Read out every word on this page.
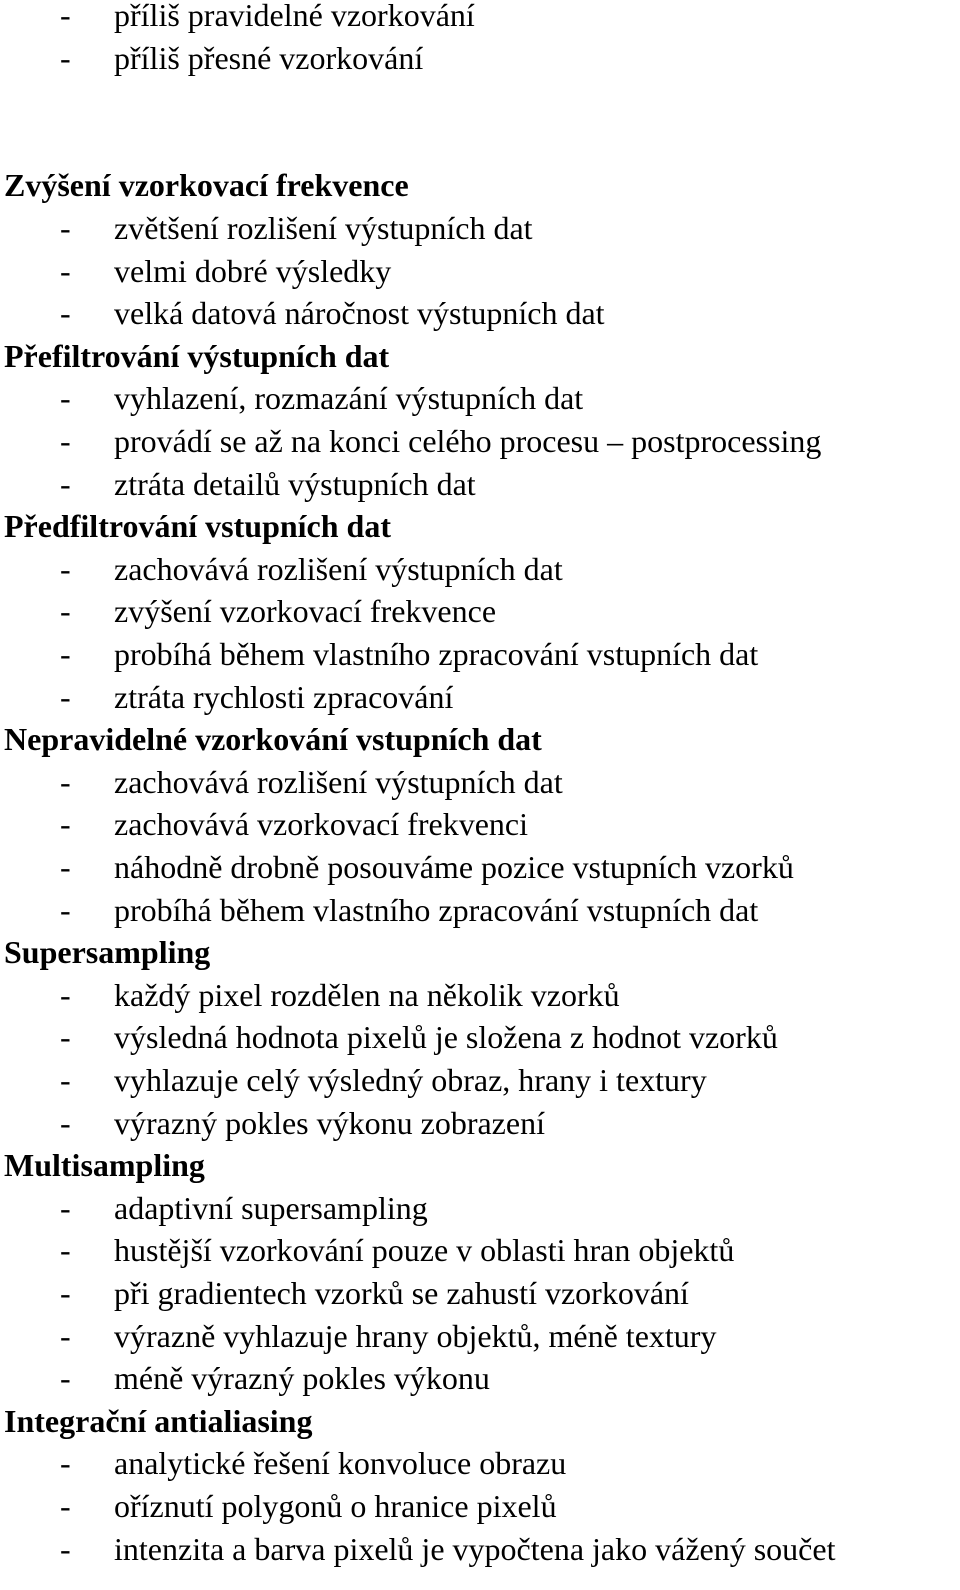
- příliš pravidelné vzorkování
- příliš přesné vzorkování
Zvýšení vzorkovací frekvence
- zvětšení rozlišení výstupních dat
- velmi dobré výsledky
- velká datová náročnost výstupních dat
Přefiltrování výstupních dat
- vyhlazení, rozmazání výstupních dat
- provádí se až na konci celého procesu – postprocessing
- ztráta detailů výstupních dat
Předfiltrování vstupních dat
- zachovává rozlišení výstupních dat
- zvýšení vzorkovací frekvence
- probíhá během vlastního zpracování vstupních dat
- ztráta rychlosti zpracování
Nepravidelné vzorkování vstupních dat
- zachovává rozlišení výstupních dat
- zachovává vzorkovací frekvenci
- náhodně drobně posouváme pozice vstupních vzorků
- probíhá během vlastního zpracování vstupních dat
Supersampling
- každý pixel rozdělen na několik vzorků
- výsledná hodnota pixelů je složena z hodnot vzorků
- vyhlazuje celý výsledný obraz, hrany i textury
- výrazný pokles výkonu zobrazení
Multisampling
- adaptivní supersampling
- hustější vzorkování pouze v oblasti hran objektů
- při gradientech vzorků se zahustí vzorkování
- výrazně vyhlazuje hrany objektů, méně textury
- méně výrazný pokles výkonu
Integrační antialiasing
- analytické řešení konvoluce obrazu
- oříznutí polygonů o hranice pixelů
- intenzita a barva pixelů je vypočtena jako vážený součet
